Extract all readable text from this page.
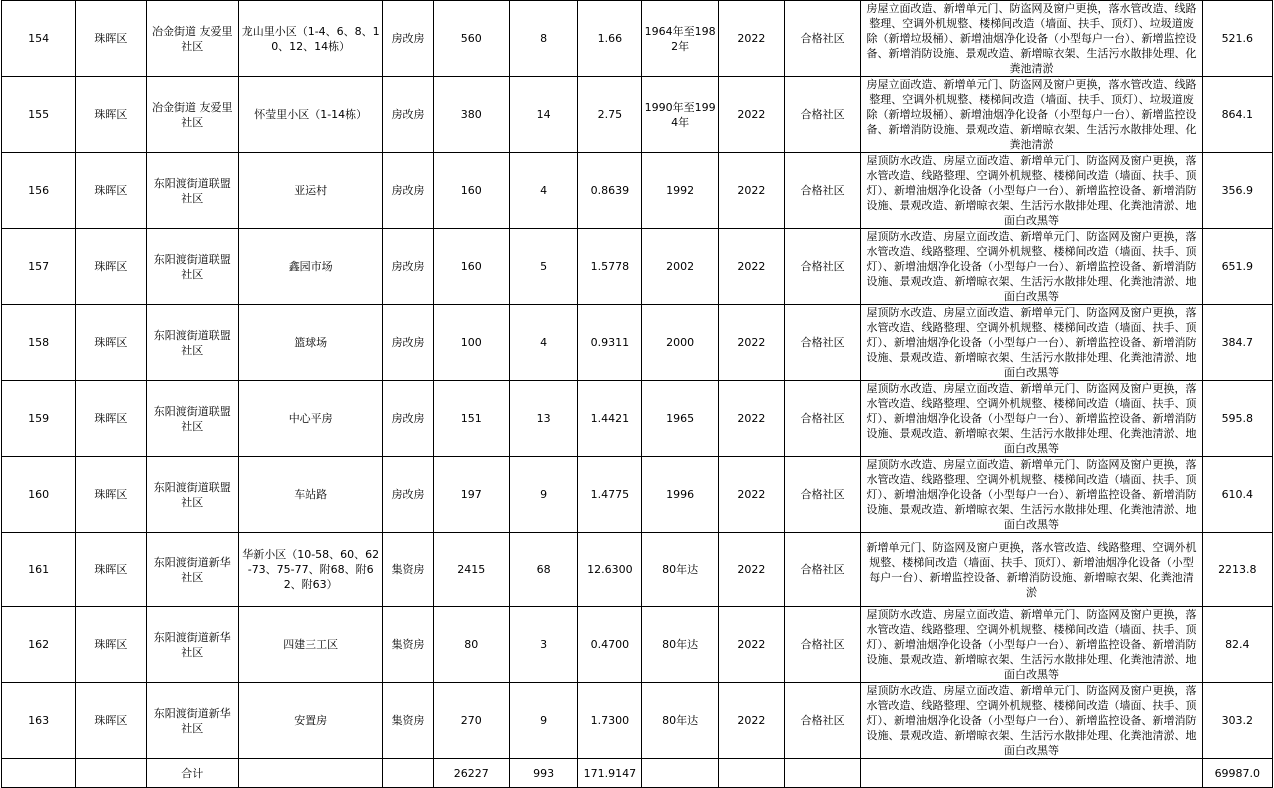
154	珠晖区	冶金街道 友爱里社区	龙山里小区（1-4、6、8、10、12、14栋）	房改房	560	8	1.66	1964年至1982年	2022	合格社区	房屋立面改造、新增单元门、防盗网及窗户更换，落水管改造、线路整理、空调外机规整、楼梯间改造（墙面、扶手、顶灯）、垃圾道废除（新增垃圾桶）、新增油烟净化设备（小型每户一台）、新增监控设备、新增消防设施、景观改造、新增晾衣架、生活污水散排处理、化粪池清淤	521.6
155	珠晖区	冶金街道 友爱里社区	怀莹里小区（1-14栋）	房改房	380	14	2.75	1990年至1994年	2022	合格社区	房屋立面改造、新增单元门、防盗网及窗户更换，落水管改造、线路整理、空调外机规整、楼梯间改造（墙面、扶手、顶灯）、垃圾道废除（新增垃圾桶）、新增油烟净化设备（小型每户一台）、新增监控设备、新增消防设施、景观改造、新增晾衣架、生活污水散排处理、化粪池清淤	864.1
156	珠晖区	东阳渡街道联盟社区	亚运村	房改房	160	4	0.8639	1992	2022	合格社区	屋顶防水改造、房屋立面改造、新增单元门、防盗网及窗户更换，落水管改造、线路整理、空调外机规整、楼梯间改造（墙面、扶手、顶灯）、新增油烟净化设备（小型每户一台）、新增监控设备、新增消防设施、景观改造、新增晾衣架、生活污水散排处理、化粪池清淤、地面白改黑等	356.9
157	珠晖区	东阳渡街道联盟社区	鑫园市场	房改房	160	5	1.5778	2002	2022	合格社区	屋顶防水改造、房屋立面改造、新增单元门、防盗网及窗户更换，落水管改造、线路整理、空调外机规整、楼梯间改造（墙面、扶手、顶灯）、新增油烟净化设备（小型每户一台）、新增监控设备、新增消防设施、景观改造、新增晾衣架、生活污水散排处理、化粪池清淤、地面白改黑等	651.9
158	珠晖区	东阳渡街道联盟社区	篮球场	房改房	100	4	0.9311	2000	2022	合格社区	屋顶防水改造、房屋立面改造、新增单元门、防盗网及窗户更换，落水管改造、线路整理、空调外机规整、楼梯间改造（墙面、扶手、顶灯）、新增油烟净化设备（小型每户一台）、新增监控设备、新增消防设施、景观改造、新增晾衣架、生活污水散排处理、化粪池清淤、地面白改黑等	384.7
159	珠晖区	东阳渡街道联盟社区	中心平房	房改房	151	13	1.4421	1965	2022	合格社区	屋顶防水改造、房屋立面改造、新增单元门、防盗网及窗户更换，落水管改造、线路整理、空调外机规整、楼梯间改造（墙面、扶手、顶灯）、新增油烟净化设备（小型每户一台）、新增监控设备、新增消防设施、景观改造、新增晾衣架、生活污水散排处理、化粪池清淤、地面白改黑等	595.8
160	珠晖区	东阳渡街道联盟社区	车站路	房改房	197	9	1.4775	1996	2022	合格社区	屋顶防水改造、房屋立面改造、新增单元门、防盗网及窗户更换，落水管改造、线路整理、空调外机规整、楼梯间改造（墙面、扶手、顶灯）、新增油烟净化设备（小型每户一台）、新增监控设备、新增消防设施、景观改造、新增晾衣架、生活污水散排处理、化粪池清淤、地面白改黑等	610.4
161	珠晖区	东阳渡街道新华社区	华新小区（10-58、60、62-73、75-77、附68、附62、附63）	集资房	2415	68	12.6300	80年达	2022	合格社区	新增单元门、防盗网及窗户更换，落水管改造、线路整理、空调外机规整、楼梯间改造（墙面、扶手、顶灯）、新增油烟净化设备（小型每户一台）、新增监控设备、新增消防设施、新增晾衣架、化粪池清淤	2213.8
162	珠晖区	东阳渡街道新华社区	四建三工区	集资房	80	3	0.4700	80年达	2022	合格社区	屋顶防水改造、房屋立面改造、新增单元门、防盗网及窗户更换，落水管改造、线路整理、空调外机规整、楼梯间改造（墙面、扶手、顶灯）、新增油烟净化设备（小型每户一台）、新增监控设备、新增消防设施、景观改造、新增晾衣架、生活污水散排处理、化粪池清淤、地面白改黑等	82.4
163	珠晖区	东阳渡街道新华社区	安置房	集资房	270	9	1.7300	80年达	2022	合格社区	屋顶防水改造、房屋立面改造、新增单元门、防盗网及窗户更换，落水管改造、线路整理、空调外机规整、楼梯间改造（墙面、扶手、顶灯）、新增油烟净化设备（小型每户一台）、新增监控设备、新增消防设施、景观改造、新增晾衣架、生活污水散排处理、化粪池清淤、地面白改黑等	303.2
		合计			26227	993	171.9147					69987.0
